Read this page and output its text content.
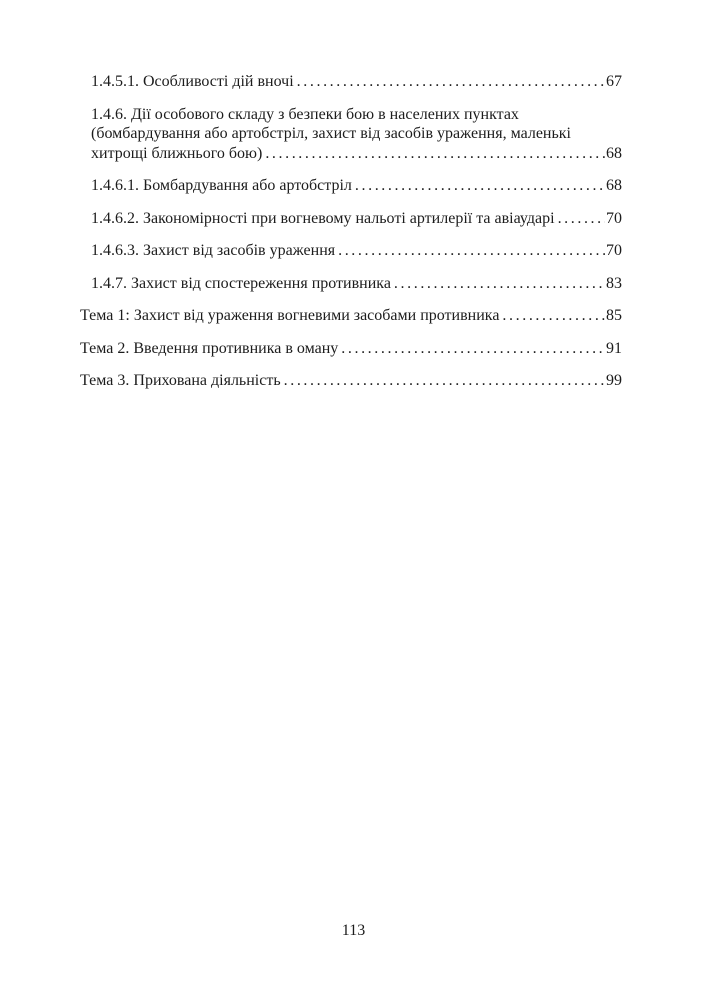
1.4.5.1. Особливості дій вночі .....	67
1.4.6. Дії особового складу з безпеки бою в населених пунктах
(бомбардування або артобстріл, захист від засобів ураження, маленькі
хитрощі ближнього бою) .....	68
1.4.6.1. Бомбардування або артобстріл .....	68
1.4.6.2. Закономірності при вогневому нальоті артилерії та авіаударі .....	70
1.4.6.3. Захист від засобів ураження .....	70
1.4.7. Захист від спостереження противника .....	83
Тема 1: Захист від ураження вогневими засобами противника .....	85
Тема 2. Введення противника в оману .....	91
Тема 3. Прихована діяльність .....	99
113
